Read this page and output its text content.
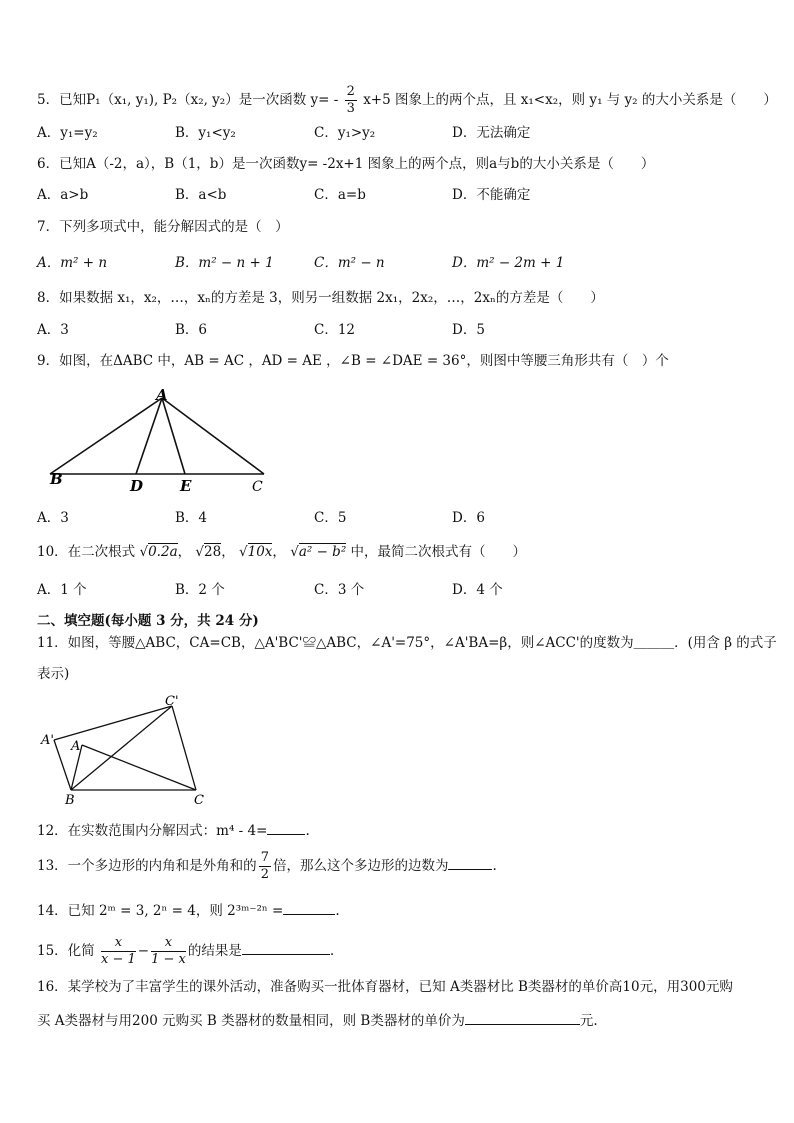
5．已知P₁（x₁, y₁), P₂（x₂, y₂）是一次函数 $y= - \frac{2}{3} x+5$ 图象上的两个点，且 x₁<x₂，则 y₁ 与 y₂ 的大小关系是（　　）
A．y₁=y₂	B．y₁<y₂	C．y₁>y₂	D．无法确定
6．已知A（-2，a），B（1，b）是一次函数y= -2x+1 图象上的两个点，则a与b的大小关系是（　　）
A．a>b	B．a<b	C．a=b	D．不能确定
7．下列多项式中，能分解因式的是（　）
A．m² + n	B．m² − n + 1	C．m² − n	D．m² − 2m + 1
8．如果数据 x₁，x₂，…，xₙ的方差是 3，则另一组数据 2x₁，2x₂，…，2xₙ的方差是（　　）
A．3	B．6	C．12	D．5
9．如图，在ΔABC 中，AB = AC ，AD = AE ，∠B = ∠DAE = 36°，则图中等腰三角形共有（　）个
A
B	D E	C
A．3	B．4	C．5	D．6
10．在二次根式 √0.2a， √28， √10x， √a² − b² 中，最简二次根式有（　　）
A．1 个	B．2 个	C．3 个	D．4 个
二、填空题(每小题 3 分，共 24 分)
11．如图，等腰△ABC，CA=CB，△A'BC'≌△ABC，∠A'=75°，∠A'BA=β，则∠ACC'的度数为＿＿＿．(用含 β 的式子
表示)
C'
A' A
B	C
12．在实数范围内分解因式：m⁴ - 4=	.
13．一个多边形的内角和是外角和的 $\frac{7}{2}$ 倍，那么这个多边形的边数为	.
14．已知 2ᵐ = 3, 2ⁿ = 4，则 2³ᵐ⁻²ⁿ =	.
15．化简 $\frac{x}{x - 1} - \frac{x}{1 - x}$ 的结果是	.
16．某学校为了丰富学生的课外活动，准备购买一批体育器材，已知 A类器材比 B类器材的单价高10元，用300元购
买 A类器材与用200 元购买 B 类器材的数量相同，则 B类器材的单价为	元.
